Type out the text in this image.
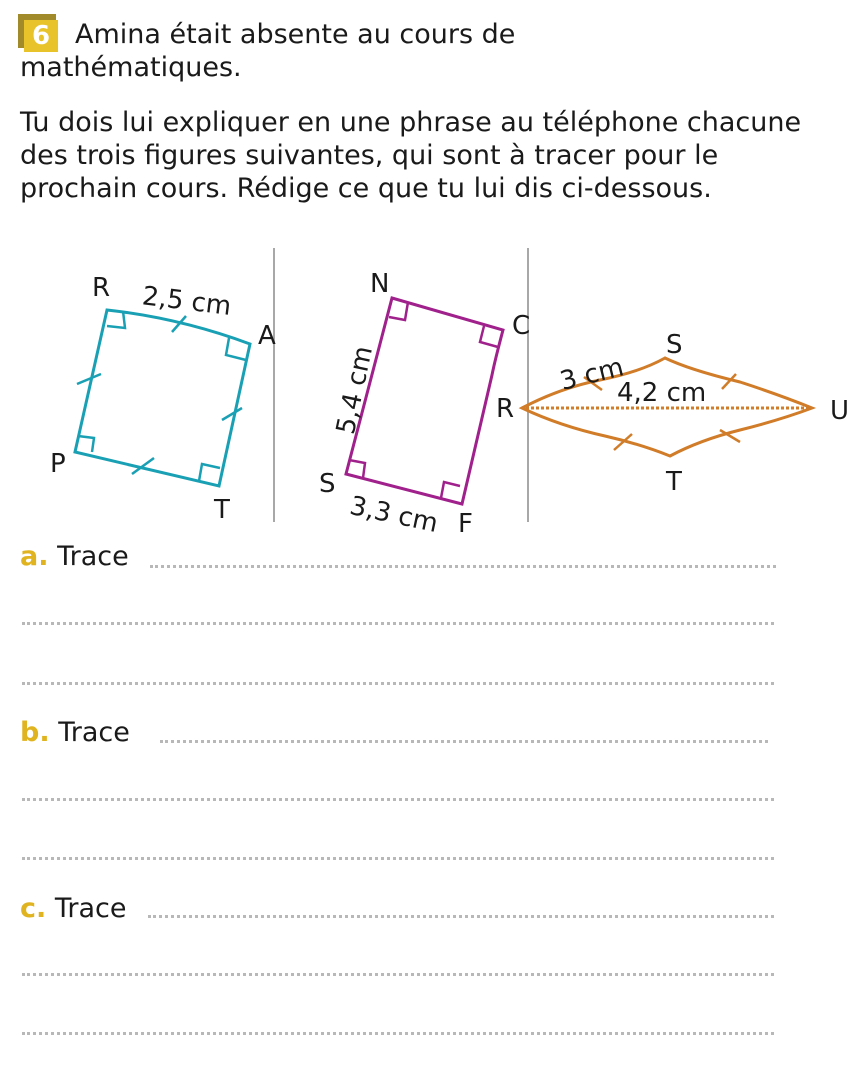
6 Amina était absente au cours de
mathématiques.
Tu dois lui expliquer en une phrase au téléphone chacune des trois figures suivantes, qui sont à tracer pour le prochain cours. Rédige ce que tu lui dis ci-dessous.
R
A
T
P
2,5 cm	N
C
F
S
5,4 cm
3,3 cm
S
U
T
R
3 cm
4,2 cm
a. Trace
b. Trace
c. Trace
